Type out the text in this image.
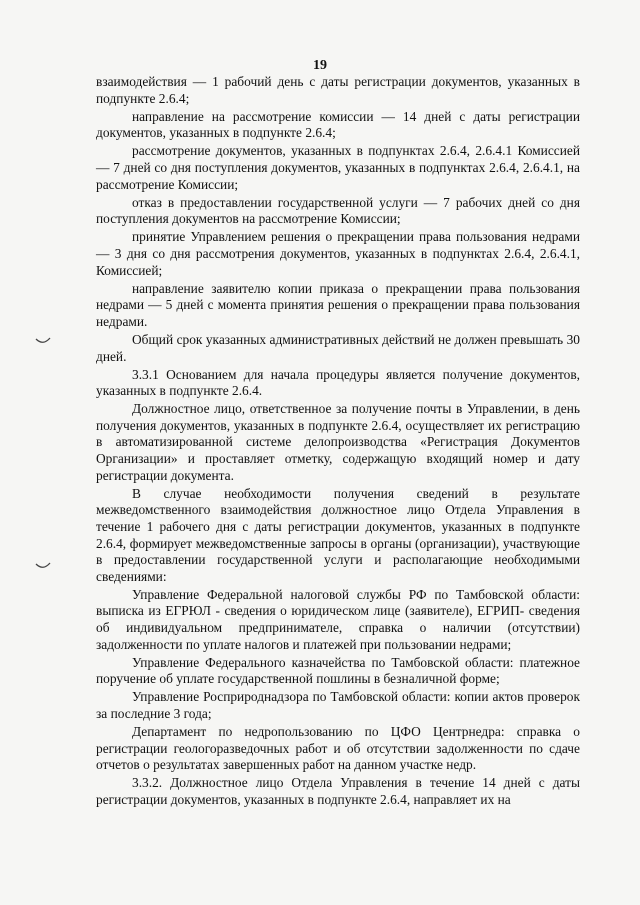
19

взаимодействия — 1 рабочий день с даты регистрации документов, указанных в подпункте 2.6.4;

направление на рассмотрение комиссии — 14 дней с даты регистрации документов, указанных в подпункте 2.6.4;

рассмотрение документов, указанных в подпунктах 2.6.4, 2.6.4.1 Комиссией — 7 дней со дня поступления документов, указанных в подпунктах 2.6.4, 2.6.4.1, на рассмотрение Комиссии;

отказ в предоставлении государственной услуги — 7 рабочих дней со дня поступления документов на рассмотрение Комиссии;

принятие Управлением решения о прекращении права пользования недрами — 3 дня со дня рассмотрения документов, указанных в подпунктах 2.6.4, 2.6.4.1, Комиссией;

направление заявителю копии приказа о прекращении права пользования недрами — 5 дней с момента принятия решения о прекращении права пользования недрами.

Общий срок указанных административных действий не должен превышать 30 дней.

3.3.1 Основанием для начала процедуры является получение документов, указанных в подпункте 2.6.4.

Должностное лицо, ответственное за получение почты в Управлении, в день получения документов, указанных в подпункте 2.6.4, осуществляет их регистрацию в автоматизированной системе делопроизводства «Регистрация Документов Организации» и проставляет отметку, содержащую входящий номер и дату регистрации документа.

В случае необходимости получения сведений в результате межведомственного взаимодействия должностное лицо Отдела Управления в течение 1 рабочего дня с даты регистрации документов, указанных в подпункте 2.6.4, формирует межведомственные запросы в органы (организации), участвующие в предоставлении государственной услуги и располагающие необходимыми сведениями:

Управление Федеральной налоговой службы РФ по Тамбовской области: выписка из ЕГРЮЛ - сведения о юридическом лице (заявителе), ЕГРИП- сведения об индивидуальном предпринимателе, справка о наличии (отсутствии) задолженности по уплате налогов и платежей при пользовании недрами;

Управление Федерального казначейства по Тамбовской области: платежное поручение об уплате государственной пошлины в безналичной форме;

Управление Росприроднадзора по Тамбовской области: копии актов проверок за последние 3 года;

Департамент по недропользованию по ЦФО Центрнедра: справка о регистрации геологоразведочных работ и об отсутствии задолженности по сдаче отчетов о результатах завершенных работ на данном участке недр.

3.3.2. Должностное лицо Отдела Управления в течение 14 дней с даты регистрации документов, указанных в подпункте 2.6.4, направляет их на
